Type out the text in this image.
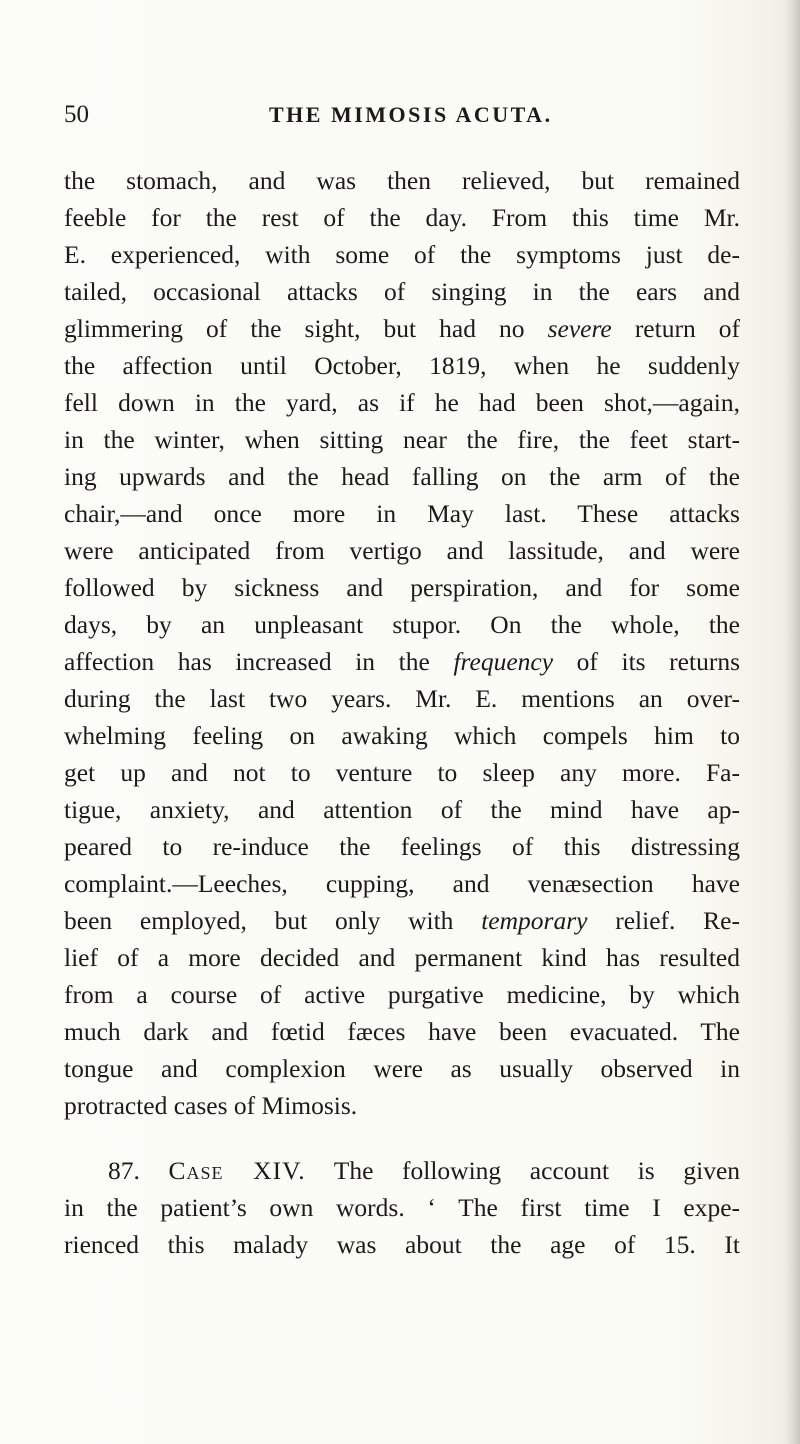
50	THE MIMOSIS ACUTA.
the stomach, and was then relieved, but remained
feeble for the rest of the day. From this time Mr.
E. experienced, with some of the symptoms just de-
tailed, occasional attacks of singing in the ears and
glimmering of the sight, but had no severe return of
the affection until October, 1819, when he suddenly
fell down in the yard, as if he had been shot,—again,
in the winter, when sitting near the fire, the feet start-
ing upwards and the head falling on the arm of the
chair,—and once more in May last. These attacks
were anticipated from vertigo and lassitude, and were
followed by sickness and perspiration, and for some
days, by an unpleasant stupor. On the whole, the
affection has increased in the frequency of its returns
during the last two years. Mr. E. mentions an over-
whelming feeling on awaking which compels him to
get up and not to venture to sleep any more. Fa-
tigue, anxiety, and attention of the mind have ap-
peared to re-induce the feelings of this distressing
complaint.—Leeches, cupping, and venæsection have
been employed, but only with temporary relief. Re-
lief of a more decided and permanent kind has resulted
from a course of active purgative medicine, by which
much dark and fœtid fæces have been evacuated. The
tongue and complexion were as usually observed in
protracted cases of Mimosis.
87. Case XIV. The following account is given
in the patient’s own words. ‘ The first time I expe-
rienced this malady was about the age of 15. It
